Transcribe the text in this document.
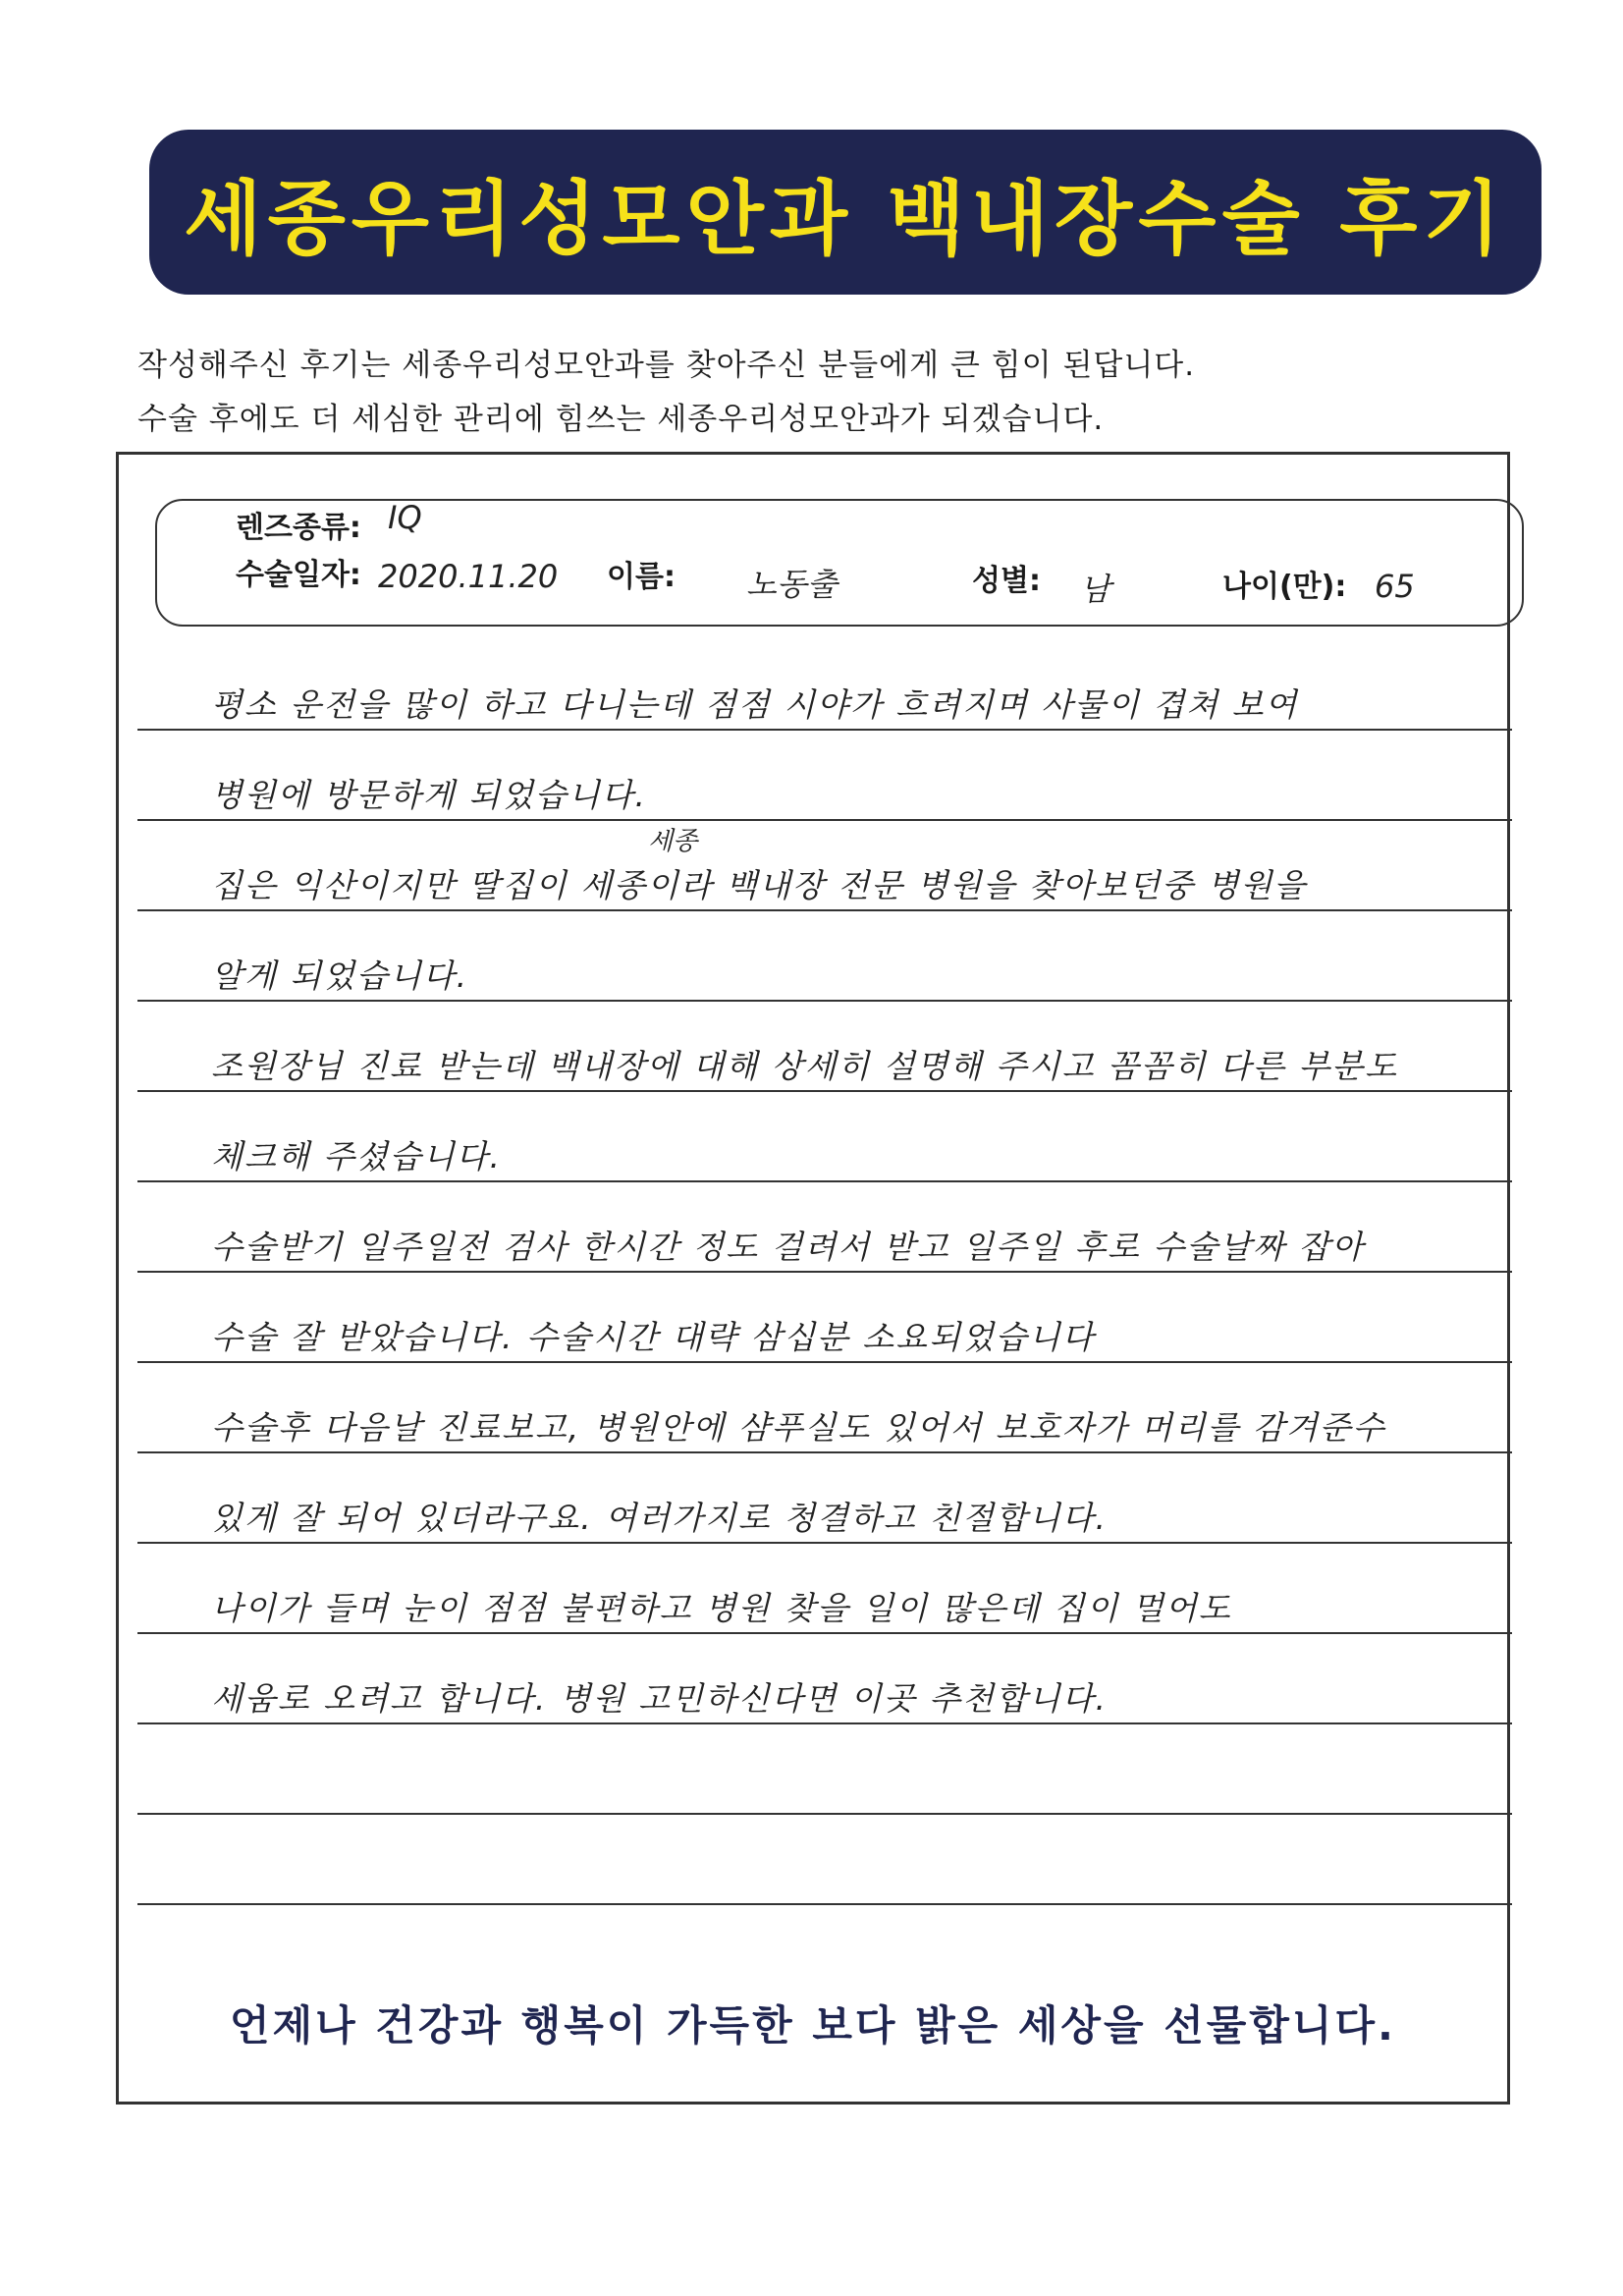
세종우리성모안과 백내장수술 후기
작성해주신 후기는 세종우리성모안과를 찾아주신 분들에게 큰 힘이 된답니다.
수술 후에도 더 세심한 관리에 힘쓰는 세종우리성모안과가 되겠습니다.
렌즈종류: IQ
수술일자: 2020.11.20 이름: 노동출	성별: 남	나이(만): 65
평소 운전을 많이 하고 다니는데 점점 시야가 흐려지며 사물이 겹쳐 보여
병원에 방문하게 되었습니다.
세종
집은 익산이지만 딸집이 세종이라 백내장 전문 병원을 찾아보던중 병원을
알게 되었습니다.
조원장님 진료 받는데 백내장에 대해 상세히 설명해 주시고 꼼꼼히 다른 부분도
체크해 주셨습니다.
수술받기 일주일전 검사 한시간 정도 걸려서 받고 일주일 후로 수술날짜 잡아
수술 잘 받았습니다. 수술시간 대략 삼십분 소요되었습니다
수술후 다음날 진료보고, 병원안에 샴푸실도 있어서 보호자가 머리를 감겨준수
있게 잘 되어 있더라구요. 여러가지로 청결하고 친절합니다.
나이가 들며 눈이 점점 불편하고 병원 찾을 일이 많은데 집이 멀어도
세움로 오려고 합니다. 병원 고민하신다면 이곳 추천합니다.
언제나 건강과 행복이 가득한 보다 밝은 세상을 선물합니다.
